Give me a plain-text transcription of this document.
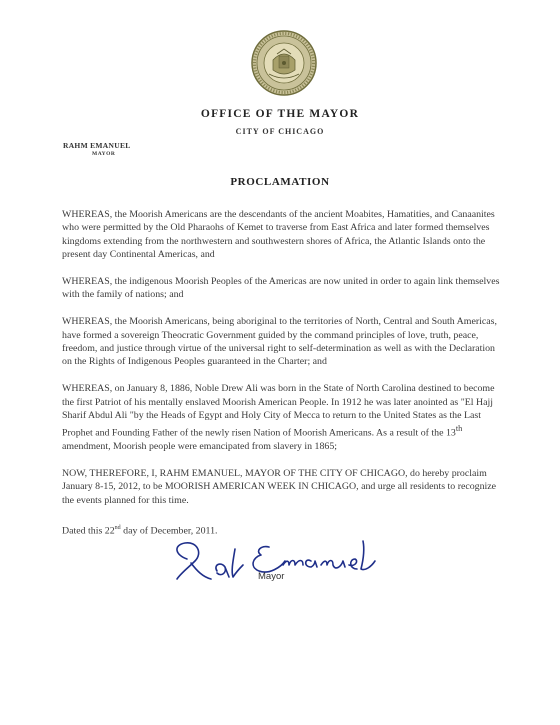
OFFICE OF THE MAYOR
CITY OF CHICAGO
RAHM EMANUEL
MAYOR
PROCLAMATION

WHEREAS, the Moorish Americans are the descendants of the ancient Moabites, Hamatities, and Canaanites who were permitted by the Old Pharaohs of Kemet to traverse from East Africa and later formed themselves kingdoms extending from the northwestern and southwestern shores of Africa, the Atlantic Islands onto the present day Continental Americas, and

WHEREAS, the indigenous Moorish Peoples of the Americas are now united in order to again link themselves with the family of nations; and

WHEREAS, the Moorish Americans, being aboriginal to the territories of North, Central and South Americas, have formed a sovereign Theocratic Government guided by the command principles of love, truth, peace, freedom, and justice through virtue of the universal right to self-determination as well as with the Declaration on the Rights of Indigenous Peoples guaranteed in the Charter; and

WHEREAS, on January 8, 1886, Noble Drew Ali was born in the State of North Carolina destined to become the first Patriot of his mentally enslaved Moorish American People. In 1912 he was later anointed as "El Hajj Sharif Abdul Ali "by the Heads of Egypt and Holy City of Mecca to return to the United States as the Last Prophet and Founding Father of the newly risen Nation of Moorish Americans. As a result of the 13th amendment, Moorish people were emancipated from slavery in 1865;

NOW, THEREFORE, I, RAHM EMANUEL, MAYOR OF THE CITY OF CHICAGO, do hereby proclaim January 8-15, 2012, to be MOORISH AMERICAN WEEK IN CHICAGO, and urge all residents to recognize the events planned for this time.

Dated this 22nd day of December, 2011.
Mayor
